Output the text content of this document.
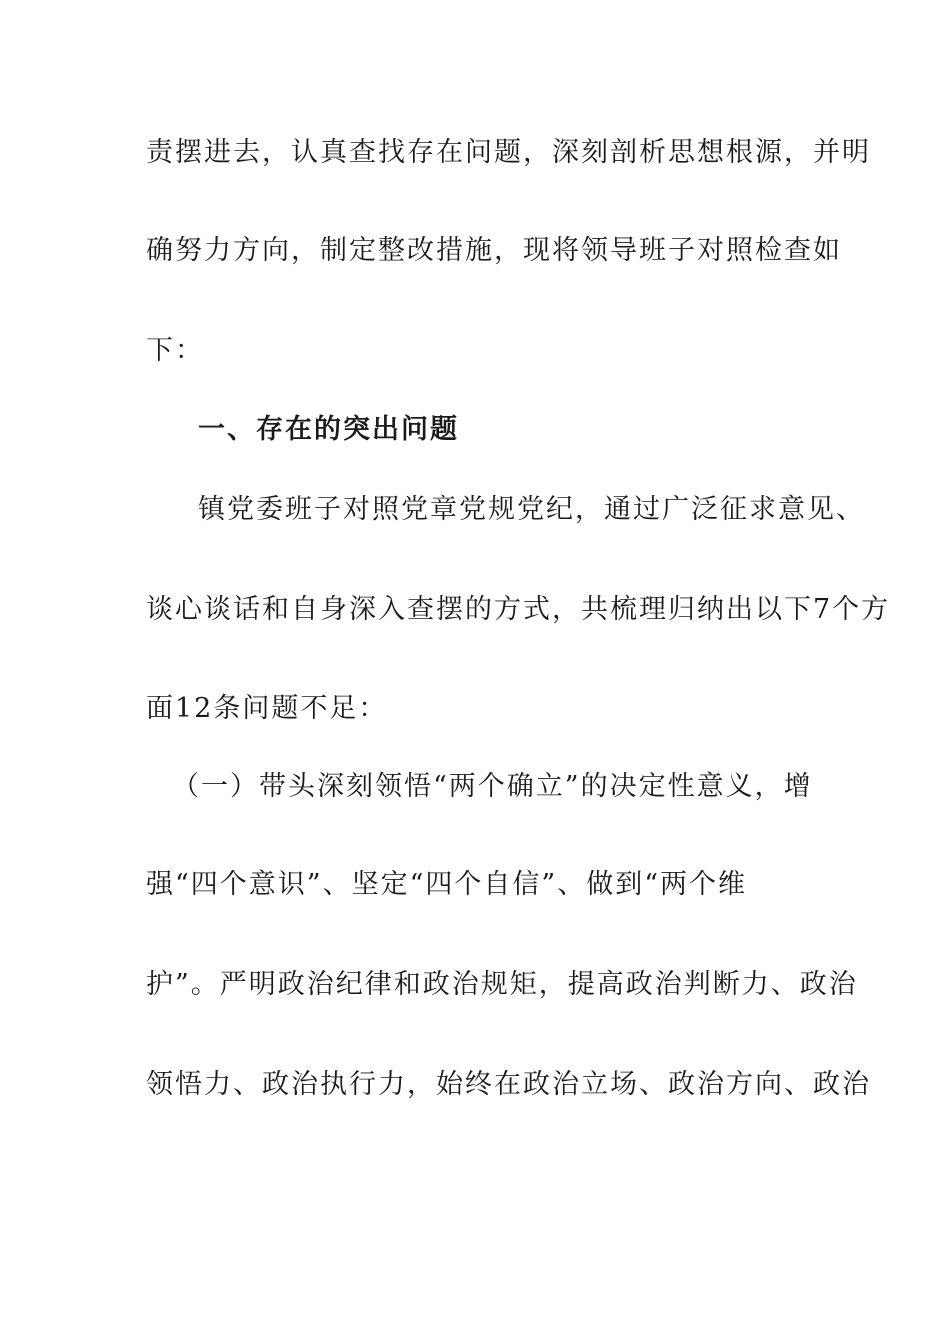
责摆进去，认真查找存在问题，深刻剖析思想根源，并明
确努力方向，制定整改措施，现将领导班子对照检查如
下：
一、存在的突出问题
镇党委班子对照党章党规党纪，通过广泛征求意见、
谈心谈话和自身深入查摆的方式，共梳理归纳出以下7个方
面12条问题不足：
（一）带头深刻领悟“两个确立”的决定性意义，增
强“四个意识”、坚定“四个自信”、做到“两个维
护”。严明政治纪律和政治规矩，提高政治判断力、政治
领悟力、政治执行力，始终在政治立场、政治方向、政治
